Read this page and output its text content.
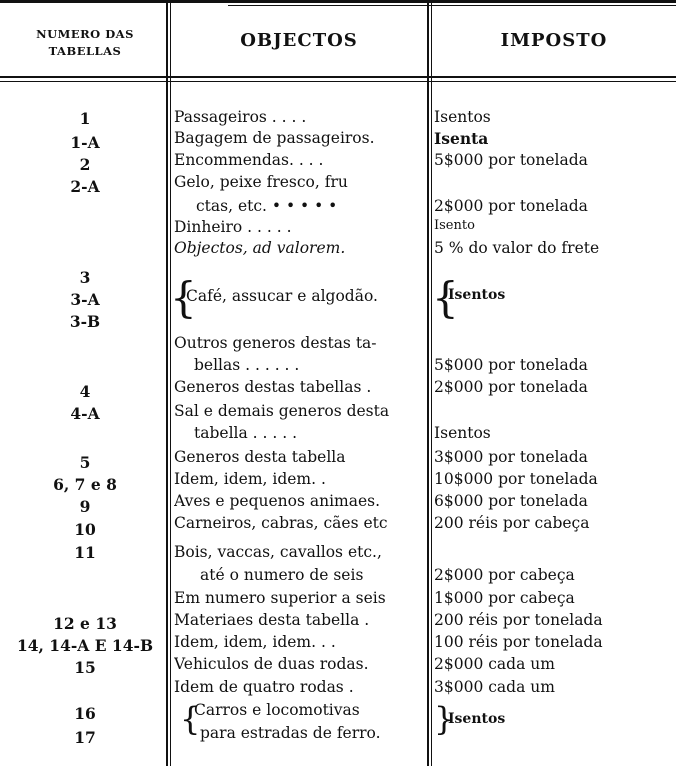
NUMERO DAS TABELLAS	OBJECTOS	IMPOSTO
1
1-A
2
2-A
3
3-A
3-B
4
4-A
5
6, 7 e 8
9
10
11
12 e 13
14, 14-A E 14-B
15
16
17
Passageiros . . . .
Bagagem de passageiros.
Encommendas. . . .
Gelo, peixe fresco, fru
ctas, etc. • • • • •
Dinheiro . . . . .
Objectos, ad valorem.
{
Café, assucar e algodão.
Outros generos destas ta-
bellas . . . . . .
Generos destas tabellas .
Sal e demais generos desta
tabella . . . . .
Generos desta tabella
Idem, idem, idem. .
Aves e pequenos animaes.
Carneiros, cabras, cães etc
Bois, vaccas, cavallos etc.,
até o numero de seis
Em numero superior a seis
Materiaes desta tabella .
Idem, idem, idem. . .
Vehiculos de duas rodas.
Idem de quatro rodas .
{
Carros e locomotivas
para estradas de ferro.
Isentos
Isenta
5$000 por tonelada
2$000 por tonelada
Isento
5 % do valor do frete
{
Isentos
5$000 por tonelada
2$000 por tonelada
Isentos
3$000 por tonelada
10$000 por tonelada
6$000 por tonelada
200 réis por cabeça
2$000 por cabeça
1$000 por cabeça
200 réis por tonelada
100 réis por tonelada
2$000 cada um
3$000 cada um
}
Isentos
